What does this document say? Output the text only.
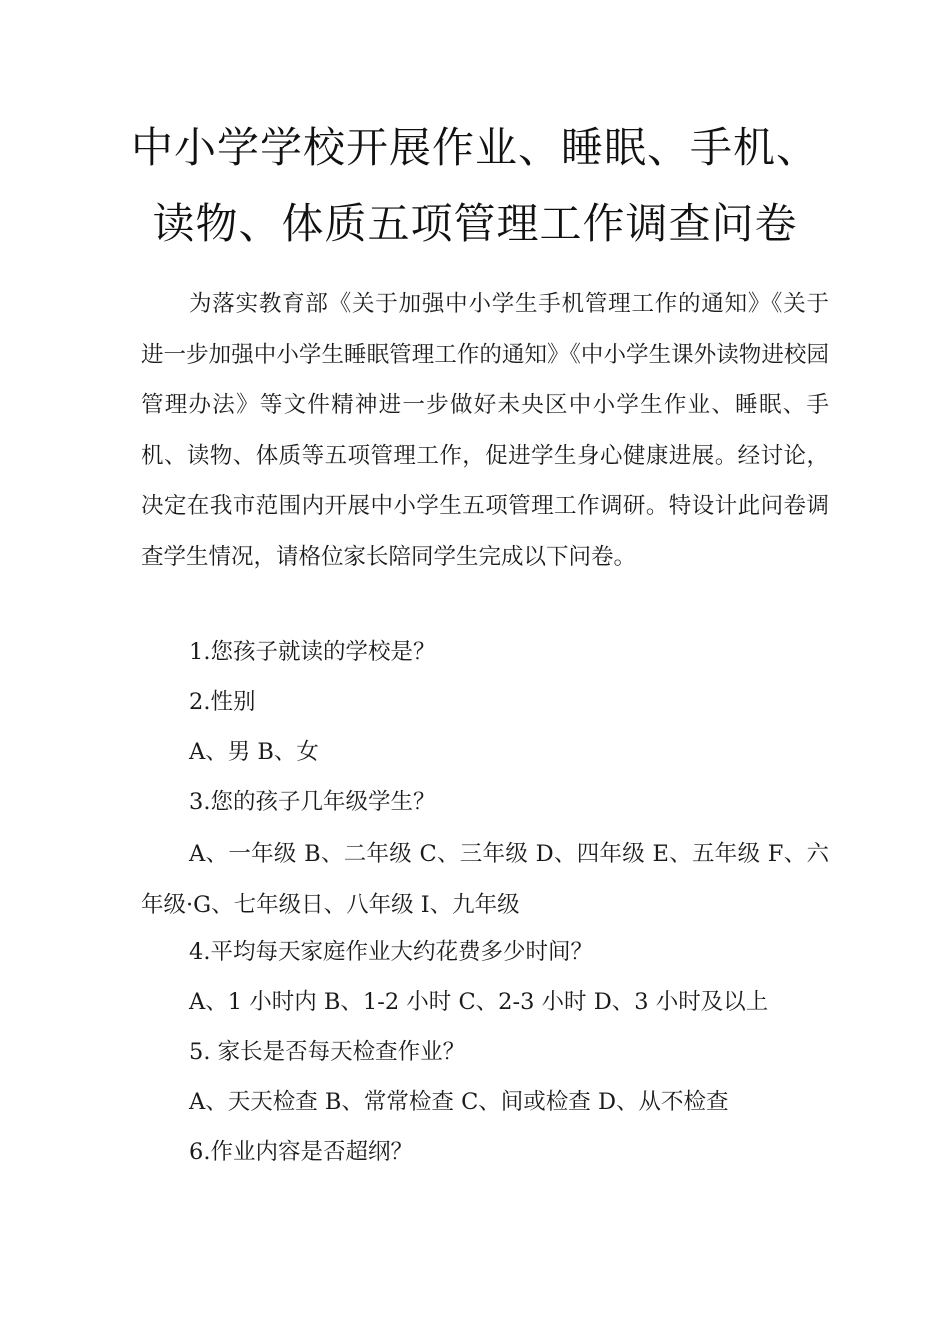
中小学学校开展作业、睡眠、手机、
读物、体质五项管理工作调查问卷

为落实教育部《关于加强中小学生手机管理工作的通知》《关于进一步加强中小学生睡眠管理工作的通知》《中小学生课外读物进校园管理办法》等文件精神进一步做好未央区中小学生作业、睡眠、手机、读物、体质等五项管理工作，促进学生身心健康进展。经讨论，决定在我市范围内开展中小学生五项管理工作调研。特设计此问卷调查学生情况，请格位家长陪同学生完成以下问卷。

1.您孩子就读的学校是？
2.性别
A、男 B、女
3.您的孩子几年级学生？
A、一年级 B、二年级 C、三年级 D、四年级 E、五年级 F、六年级·G、七年级日、八年级 I、九年级
4.平均每天家庭作业大约花费多少时间？
A、1 小时内 B、1-2 小时 C、2-3 小时 D、3 小时及以上
5. 家长是否每天检查作业？
A、天天检查 B、常常检查 C、间或检查 D、从不检查
6.作业内容是否超纲？
